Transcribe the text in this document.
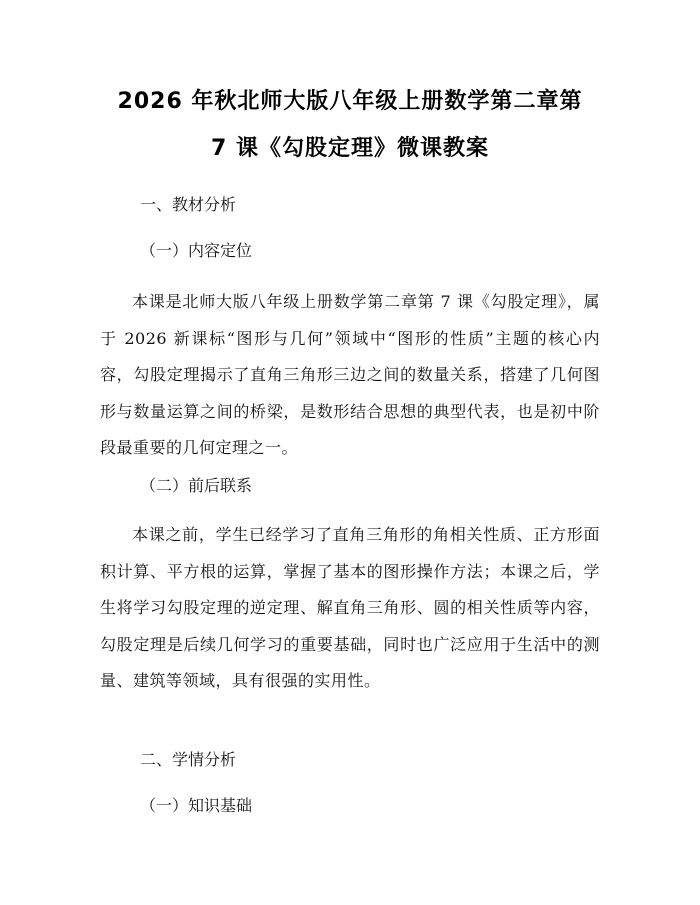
2026 年秋北师大版八年级上册数学第二章第
7 课《勾股定理》微课教案
一、教材分析
（一）内容定位
本课是北师大版八年级上册数学第二章第 7 课《勾股定理》，属于 2026 新课标“图形与几何”领域中“图形的性质”主题的核心内容，勾股定理揭示了直角三角形三边之间的数量关系，搭建了几何图形与数量运算之间的桥梁，是数形结合思想的典型代表，也是初中阶段最重要的几何定理之一。
（二）前后联系
本课之前，学生已经学习了直角三角形的角相关性质、正方形面积计算、平方根的运算，掌握了基本的图形操作方法；本课之后，学生将学习勾股定理的逆定理、解直角三角形、圆的相关性质等内容，勾股定理是后续几何学习的重要基础，同时也广泛应用于生活中的测量、建筑等领域，具有很强的实用性。
二、学情分析
（一）知识基础
